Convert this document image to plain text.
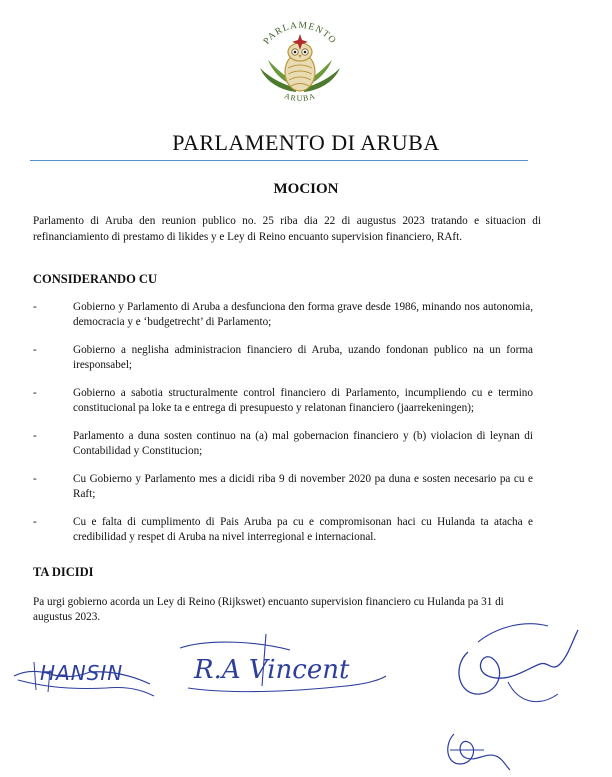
PARLAMENTO
ARUBA
PARLAMENTO DI ARUBA
MOCION
Parlamento di Aruba den reunion publico no. 25 riba dia 22 di augustus 2023 tratando e situacion di refinanciamiento di prestamo di likides y e Ley di Reino encuanto supervision financiero, RAft.
CONSIDERANDO CU
-	Gobierno y Parlamento di Aruba a desfunciona den forma grave desde 1986, minando nos autonomia, democracia y e ‘budgetrecht’ di Parlamento;
-	Gobierno a neglisha administracion financiero di Aruba, uzando fondonan publico na un forma iresponsabel;
-	Gobierno a sabotia structuralmente control financiero di Parlamento, incumpliendo cu e termino constitucional pa loke ta e entrega di presupuesto y relatonan financiero (jaarrekeningen);
-	Parlamento a duna sosten continuo na (a) mal gobernacion financiero y (b) violacion di leynan di Contabilidad y Constitucion;
-	Cu Gobierno y Parlamento mes a dicidi riba 9 di november 2020 pa duna e sosten necesario pa cu e Raft;
-	Cu e falta di cumplimento di Pais Aruba pa cu e compromisonan haci cu Hulanda ta atacha e credibilidad y respet di Aruba na nivel interregional e internacional.
TA DICIDI
Pa urgi gobierno acorda un Ley di Reino (Rijkswet) encuanto supervision financiero cu Hulanda pa 31 di augustus 2023.
HANSIN	R.A Vincent
